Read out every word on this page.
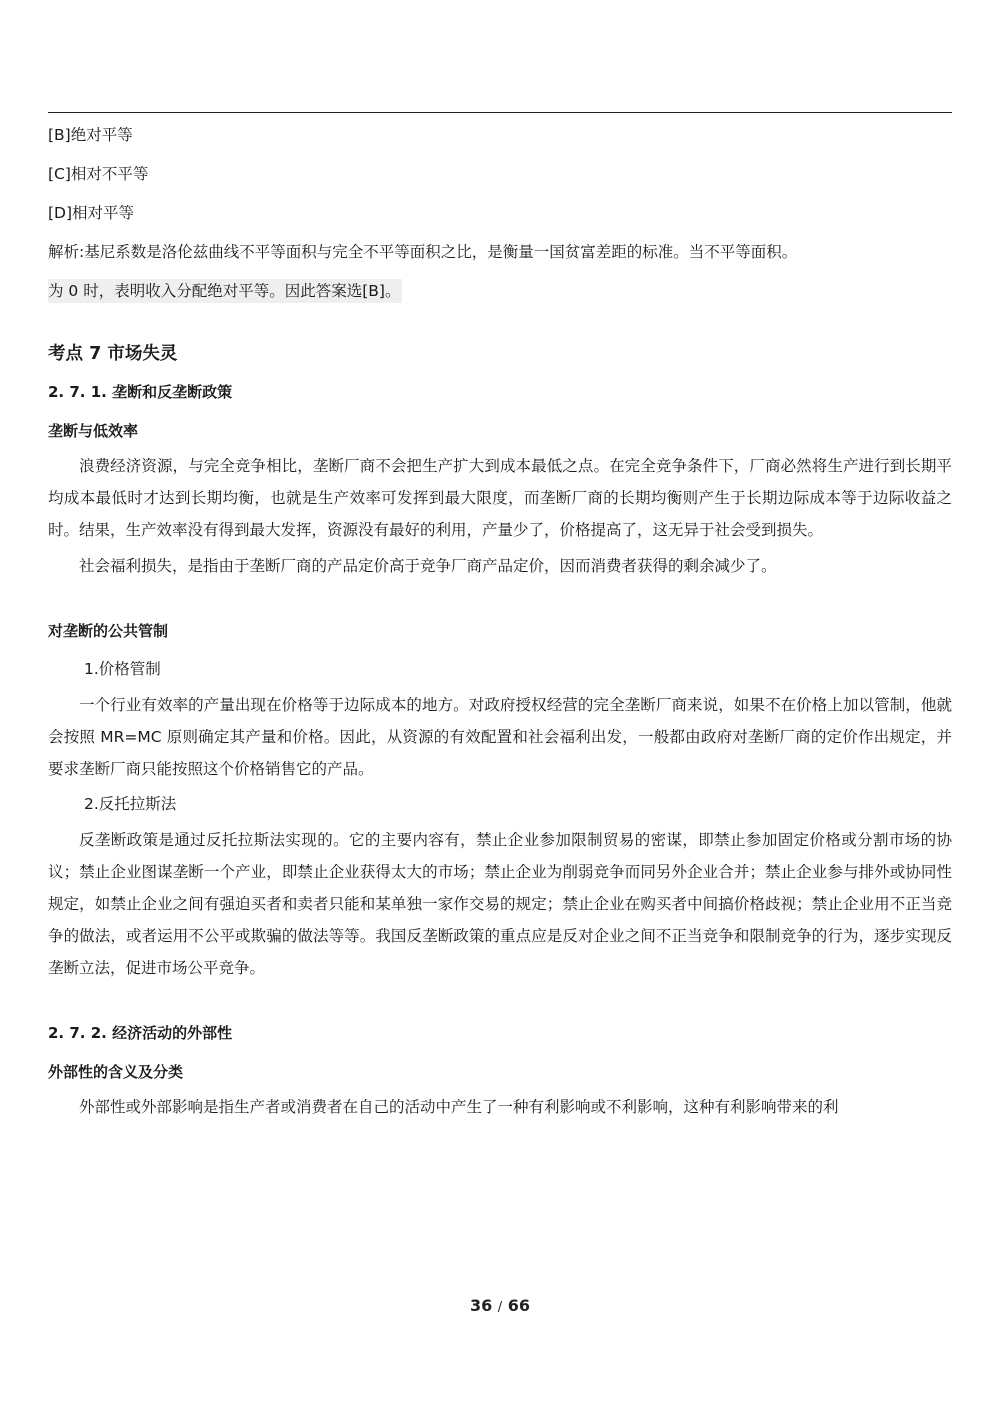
[B]绝对平等
[C]相对不平等
[D]相对平等
解析:基尼系数是洛伦兹曲线不平等面积与完全不平等面积之比，是衡量一国贫富差距的标准。当不平等面积。
为 0 时，表明收入分配绝对平等。因此答案选[B]。
考点 7 市场失灵
2. 7. 1. 垄断和反垄断政策
垄断与低效率
浪费经济资源，与完全竞争相比，垄断厂商不会把生产扩大到成本最低之点。在完全竞争条件下，厂商必然将生产进行到长期平均成本最低时才达到长期均衡，也就是生产效率可发挥到最大限度，而垄断厂商的长期均衡则产生于长期边际成本等于边际收益之时。结果，生产效率没有得到最大发挥，资源没有最好的利用，产量少了，价格提高了，这无异于社会受到损失。
社会福利损失，是指由于垄断厂商的产品定价高于竞争厂商产品定价，因而消费者获得的剩余减少了。
对垄断的公共管制
1.价格管制
一个行业有效率的产量出现在价格等于边际成本的地方。对政府授权经营的完全垄断厂商来说，如果不在价格上加以管制，他就会按照 MR=MC 原则确定其产量和价格。因此，从资源的有效配置和社会福利出发，一般都由政府对垄断厂商的定价作出规定，并要求垄断厂商只能按照这个价格销售它的产品。
2.反托拉斯法
反垄断政策是通过反托拉斯法实现的。它的主要内容有，禁止企业参加限制贸易的密谋，即禁止参加固定价格或分割市场的协议；禁止企业图谋垄断一个产业，即禁止企业获得太大的市场；禁止企业为削弱竞争而同另外企业合并；禁止企业参与排外或协同性规定，如禁止企业之间有强迫买者和卖者只能和某单独一家作交易的规定；禁止企业在购买者中间搞价格歧视；禁止企业用不正当竞争的做法，或者运用不公平或欺骗的做法等等。我国反垄断政策的重点应是反对企业之间不正当竞争和限制竞争的行为，逐步实现反垄断立法，促进市场公平竞争。
2. 7. 2. 经济活动的外部性
外部性的含义及分类
外部性或外部影响是指生产者或消费者在自己的活动中产生了一种有利影响或不利影响，这种有利影响带来的利
36 / 66
